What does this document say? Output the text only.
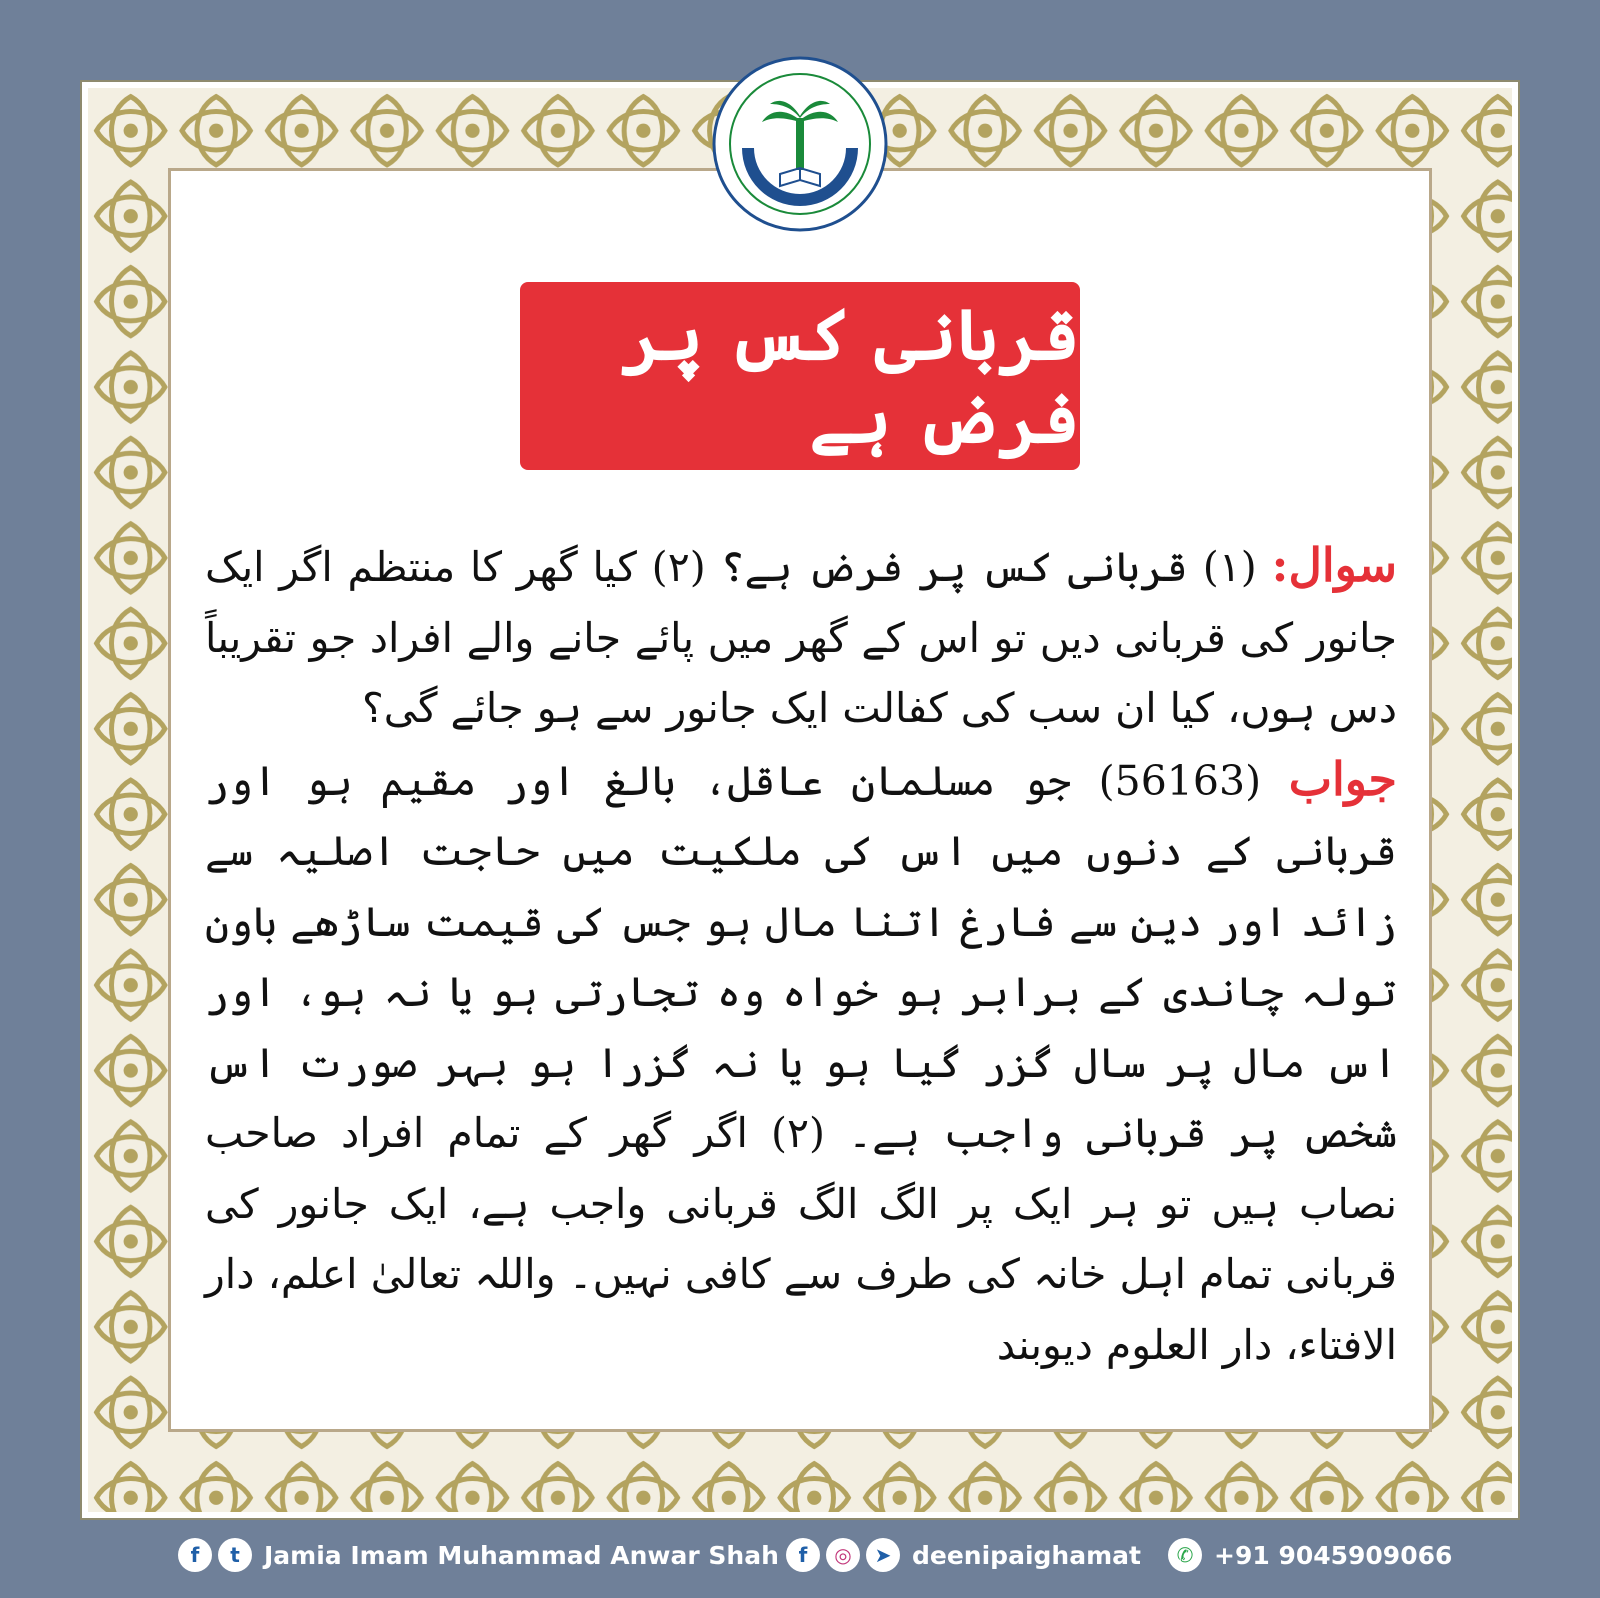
قربانی کس پر فرض ہے

سوال: (۱) قربانی کس پر فرض ہے؟ (۲) کیا گھر کا منتظم اگر ایک جانور کی قربانی دیں تو اس کے گھر میں پائے جانے والے افراد جو تقریباً دس ہوں، کیا ان سب کی کفالت ایک جانور سے ہو جائے گی؟

جواب (56163) جو مسلمان عاقل، بالغ اور مقیم ہو اور قربانی کے دنوں میں اس کی ملکیت میں حاجت اصلیہ سے زائد اور دین سے فارغ اتنا مال ہو جس کی قیمت ساڑھے باون تولہ چاندی کے برابر ہو خواہ وہ تجارتی ہو یا نہ ہو، اور اس مال پر سال گزر گیا ہو یا نہ گزرا ہو بہر صورت اس شخص پر قربانی واجب ہے۔ (۲) اگر گھر کے تمام افراد صاحب نصاب ہیں تو ہر ایک پر الگ الگ قربانی واجب ہے، ایک جانور کی قربانی تمام اہل خانہ کی طرف سے کافی نہیں۔ واللہ تعالیٰ اعلم، دار الافتاء، دار العلوم دیوبند

f	t Jamia Imam Muhammad Anwar Shah f	◎	➤ deenipaighamat	✆ +91 9045909066
